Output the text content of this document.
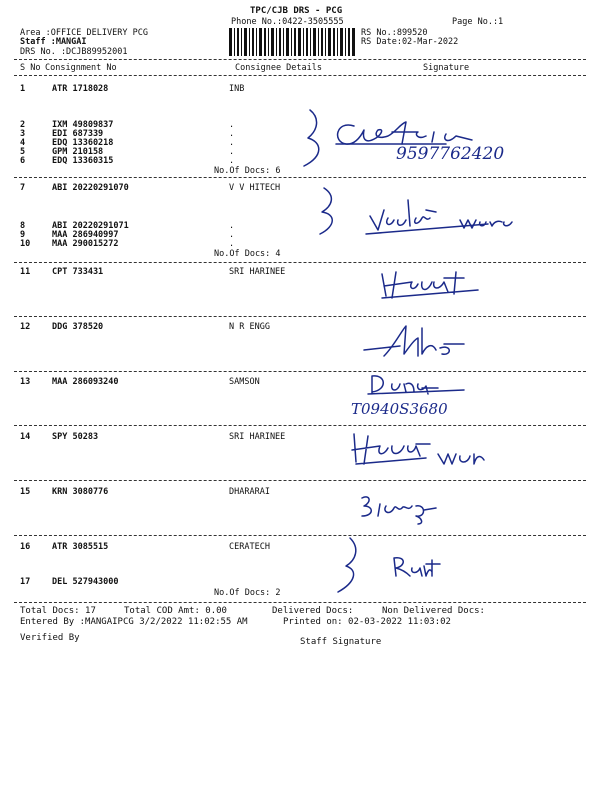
TPC/CJB DRS - PCG
Phone No.:0422-3505555	Page No.:1
Area :OFFICE DELIVERY PCG
Staff :MANGAI
DRS No. :DCJB89952001
RS No.:899520
RS Date:02-Mar-2022
S No Consignment No	Consignee Details	Signature
1	ATR 1718028	INB
2	IXM 49809837	.
3	EDI 687339	.
4	EDQ 13360218	.
5	GPM 210158	.
6	EDQ 13360315	.
No.Of Docs: 6
9597762420
7	ABI 20220291070	V V HITECH
8	ABI 20220291071	.
9	MAA 286940997	.
10	MAA 290015272	.
No.Of Docs: 4
11	CPT 733431	SRI HARINEE
12	DDG 378520	N R ENGG
13	MAA 286093240	SAMSON
T0940S3680
14	SPY 50283	SRI HARINEE
15	KRN 3080776	DHARARAI
16	ATR 3085515	CERATECH
17	DEL 527943000
No.Of Docs: 2
Total Docs: 17	Total COD Amt: 0.00	Delivered Docs:	Non Delivered Docs:
Entered By :MANGAIPCG 3/2/2022 11:02:55 AM	Printed on: 02-03-2022 11:03:02
Verified By	Staff Signature
